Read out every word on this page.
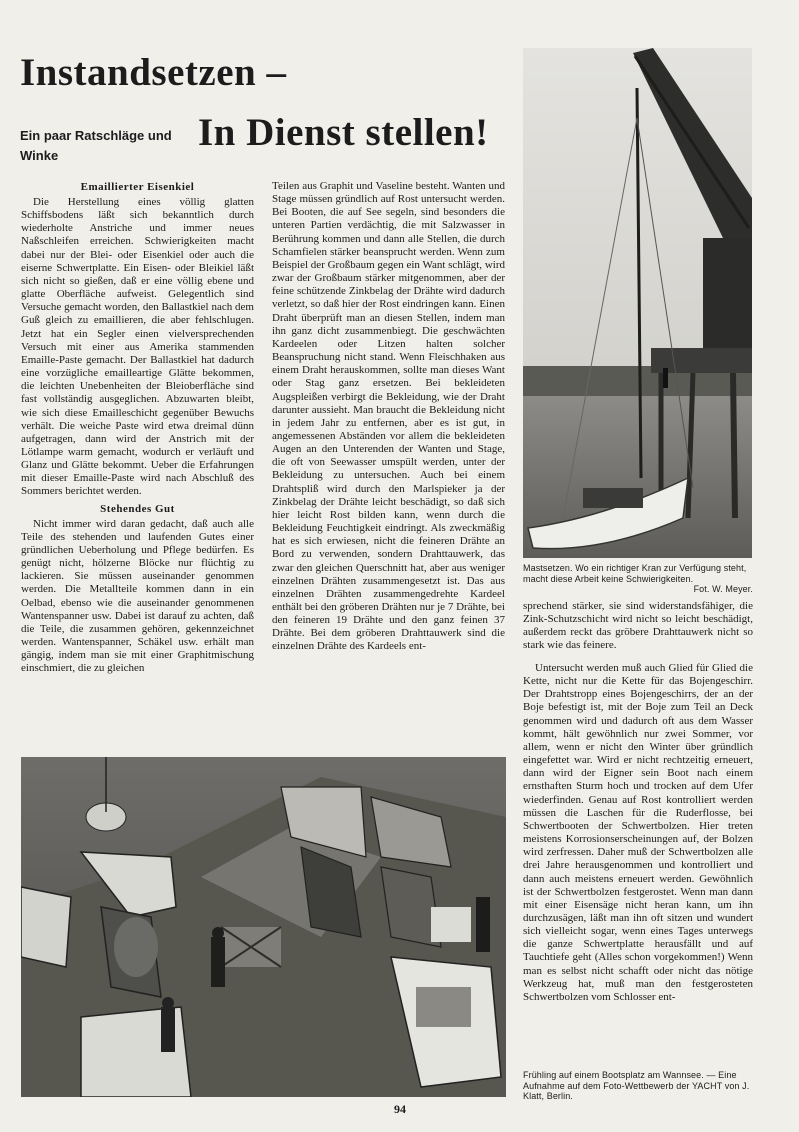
Instandsetzen –
In Dienst stellen!
Ein paar Ratschläge und Winke
Emaillierter Eisenkiel

Die Herstellung eines völlig glatten Schiffsbodens läßt sich bekanntlich durch wiederholte Anstriche und immer neues Naßschleifen erreichen. Schwierigkeiten macht dabei nur der Blei- oder Eisenkiel oder auch die eiserne Schwertplatte. Ein Eisen- oder Bleikiel läßt sich nicht so gießen, daß er eine völlig ebene und glatte Oberfläche aufweist. Gelegentlich sind Versuche gemacht worden, den Ballastkiel nach dem Guß gleich zu emaillieren, die aber fehlschlugen. Jetzt hat ein Segler einen vielversprechenden Versuch mit einer aus Amerika stammenden Emaille-Paste gemacht. Der Ballastkiel hat dadurch eine vorzügliche emailleartige Glätte bekommen, die leichten Unebenheiten der Bleioberfläche sind fast vollständig ausgeglichen. Abzuwarten bleibt, wie sich diese Emailleschicht gegenüber Bewuchs verhält. Die weiche Paste wird etwa dreimal dünn aufgetragen, dann wird der Anstrich mit der Lötlampe warm gemacht, wodurch er verläuft und Glanz und Glätte bekommt. Ueber die Erfahrungen mit dieser Emaille-Paste wird nach Abschluß des Sommers berichtet werden.

Stehendes Gut

Nicht immer wird daran gedacht, daß auch alle Teile des stehenden und laufenden Gutes einer gründlichen Ueberholung und Pflege bedürfen. Es genügt nicht, hölzerne Blöcke nur flüchtig zu lackieren. Sie müssen auseinander genommen werden. Die Metallteile kommen dann in ein Oelbad, ebenso wie die auseinander genommenen Wantenspanner usw. Dabei ist darauf zu achten, daß die Teile, die zusammen gehören, gekennzeichnet werden. Wantenspanner, Schäkel usw. erhält man gängig, indem man sie mit einer Graphitmischung einschmiert, die zu gleichen

Teilen aus Graphit und Vaseline besteht. Wanten und Stage müssen gründlich auf Rost untersucht werden. Bei Booten, die auf See segeln, sind besonders die unteren Partien verdächtig, die mit Salzwasser in Berührung kommen und dann alle Stellen, die durch Schamfielen stärker beansprucht werden. Wenn zum Beispiel der Großbaum gegen ein Want schlägt, wird zwar der Großbaum stärker mitgenommen, aber der feine schützende Zinkbelag der Drähte wird dadurch verletzt, so daß hier der Rost eindringen kann. Einen Draht überprüft man an diesen Stellen, indem man ihn ganz dicht zusammenbiegt. Die geschwächten Kardeelen oder Litzen halten solcher Beanspruchung nicht stand. Wenn Fleischhaken aus einem Draht herauskommen, sollte man dieses Want oder Stag ganz ersetzen. Bei bekleideten Augspleißen verbirgt die Bekleidung, wie der Draht darunter aussieht. Man braucht die Bekleidung nicht in jedem Jahr zu entfernen, aber es ist gut, in angemessenen Abständen vor allem die bekleideten Augen an den Unterenden der Wanten und Stage, die oft von Seewasser umspült werden, unter der Bekleidung zu untersuchen. Auch bei einem Drahtspliß wird durch den Marlspieker ja der Zinkbelag der Drähte leicht beschädigt, so daß sich hier leicht Rost bilden kann, wenn durch die Bekleidung Feuchtigkeit eindringt. Als zweckmäßig hat es sich erwiesen, nicht die feineren Drähte an Bord zu verwenden, sondern Drahttauwerk, das zwar den gleichen Querschnitt hat, aber aus weniger einzelnen Drähten zusammengesetzt ist. Das aus einzelnen Drähten zusammengedrehte Kardeel enthält bei den gröberen Drähten nur je 7 Drähte, bei den feineren 19 Drähte und den ganz feinen 37 Drähte. Bei dem gröberen Drahttauwerk sind die einzelnen Drähte des Kardeels ent-

Mastsetzen. Wo ein richtiger Kran zur Verfügung steht, macht diese Arbeit keine Schwierigkeiten.
Fot. W. Meyer.

sprechend stärker, sie sind widerstandsfähiger, die Zink-Schutzschicht wird nicht so leicht beschädigt, außerdem reckt das gröbere Drahttauwerk nicht so stark wie das feinere.

Untersucht werden muß auch Glied für Glied die Kette, nicht nur die Kette für das Bojengeschirr. Der Drahtstropp eines Bojengeschirrs, der an der Boje befestigt ist, mit der Boje zum Teil an Deck genommen wird und dadurch oft aus dem Wasser kommt, hält gewöhnlich nur zwei Sommer, vor allem, wenn er nicht den Winter über gründlich eingefettet war. Wird er nicht rechtzeitig erneuert, dann wird der Eigner sein Boot nach einem ernsthaften Sturm hoch und trocken auf dem Ufer wiederfinden. Genau auf Rost kontrolliert werden müssen die Laschen für die Ruderflosse, bei Schwertbooten der Schwertbolzen. Hier treten meistens Korrosionserscheinungen auf, der Bolzen wird zerfressen. Daher muß der Schwertbolzen alle drei Jahre herausgenommen und kontrolliert und dann auch meistens erneuert werden. Gewöhnlich ist der Schwertbolzen festgerostet. Wenn man dann mit einer Eisensäge nicht heran kann, um ihn durchzusägen, läßt man ihn oft sitzen und wundert sich vielleicht sogar, wenn eines Tages unterwegs die ganze Schwertplatte herausfällt und auf Tauchtiefe geht (Alles schon vorgekommen!) Wenn man es selbst nicht schafft oder nicht das nötige Werkzeug hat, muß man den festgerosteten Schwertbolzen vom Schlosser ent-

Frühling auf einem Bootsplatz am Wannsee. — Eine Aufnahme auf dem Foto-Wettbewerb der YACHT von J. Klatt, Berlin.
94
